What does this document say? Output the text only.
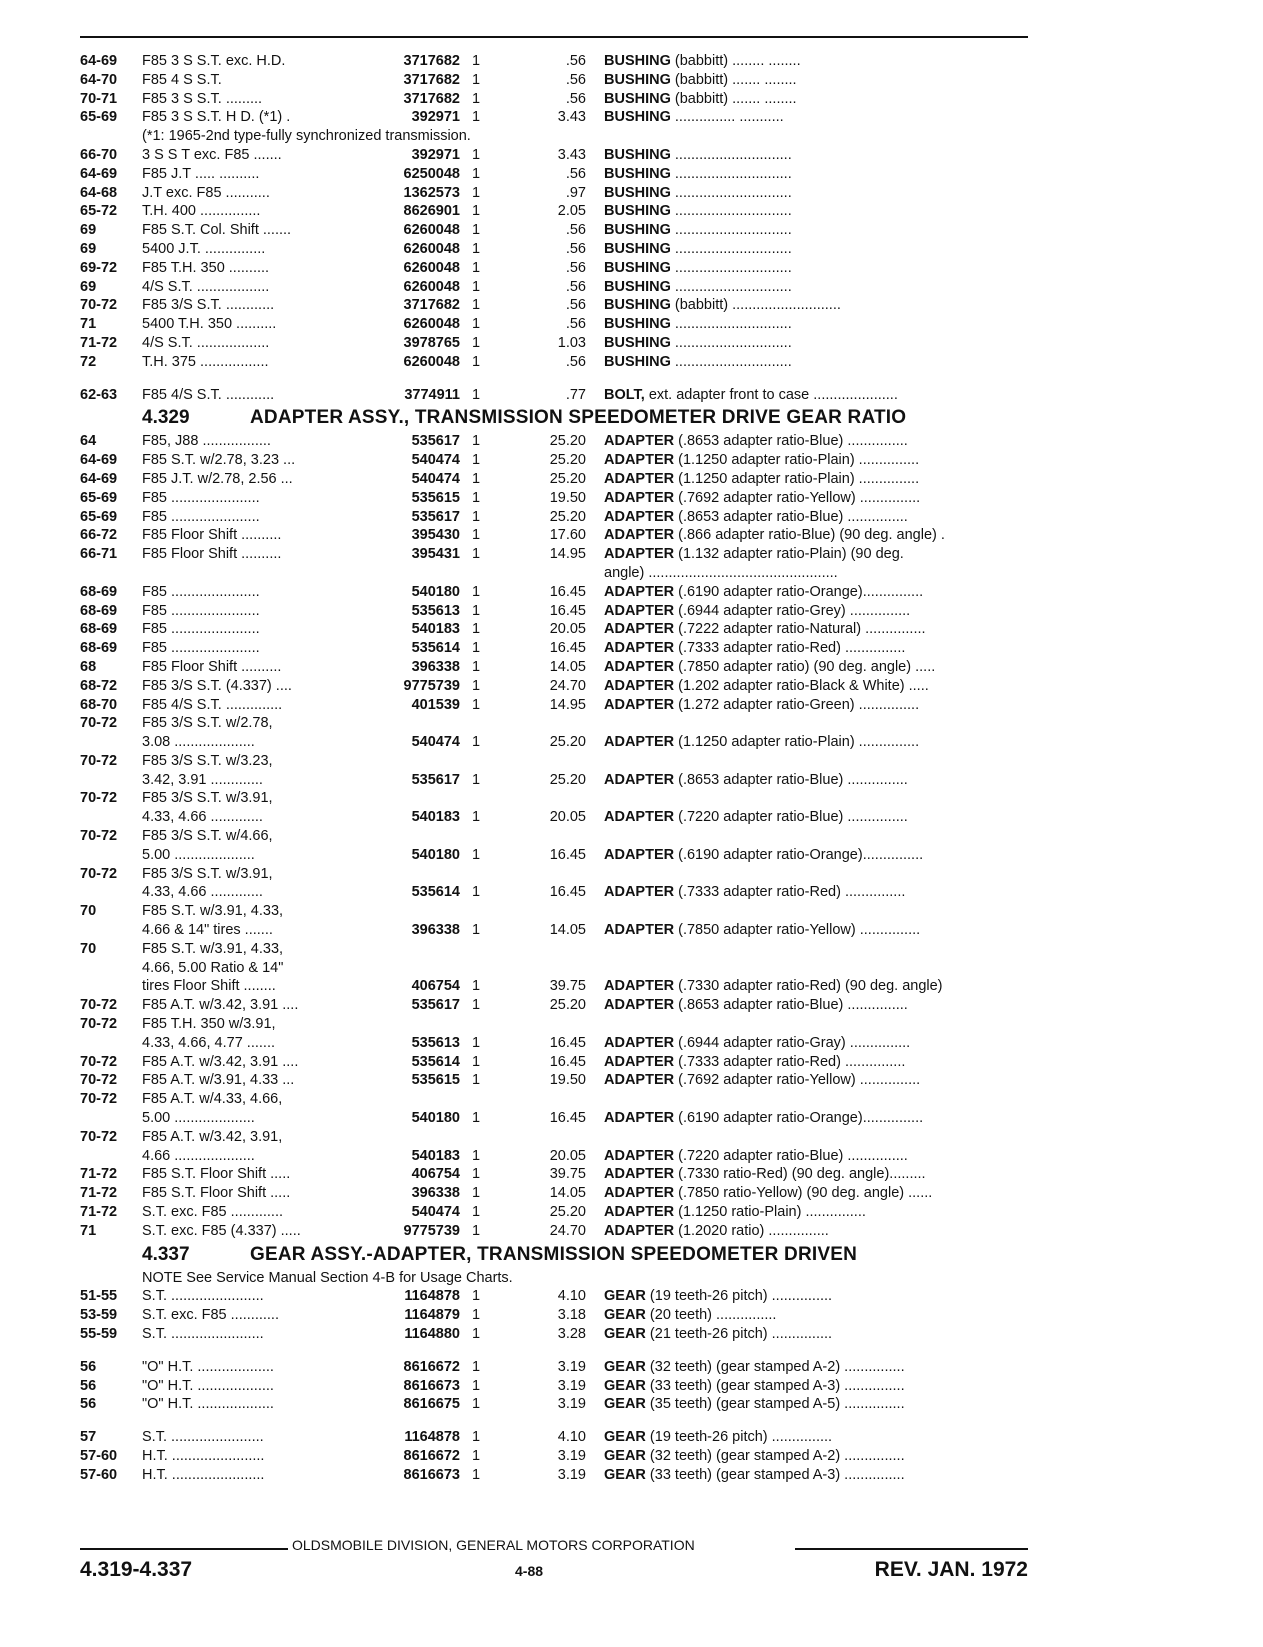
64-69	F85 3 S S.T. exc. H.D.	3717682 1	.56 BUSHING (babbitt) ........ ........
64-70	F85 4 S S.T.	3717682 1	.56 BUSHING (babbitt) ....... ........
70-71	F85 3 S S.T. .........	3717682 1	.56 BUSHING (babbitt) ....... ........
65-69	F85 3 S S.T. H D. (*1) .	392971 1	3.43 BUSHING ............... ...........
(*1: 1965-2nd type-fully synchronized transmission.
66-70	3 S S T exc. F85 .......	392971 1	3.43 BUSHING .............................
64-69	F85 J.T ..... ..........	6250048 1	.56 BUSHING .............................
64-68	J.T exc. F85 ...........	1362573 1	.97 BUSHING .............................
65-72	T.H. 400 ...............	8626901 1	2.05 BUSHING .............................
69	F85 S.T. Col. Shift .......	6260048 1	.56 BUSHING .............................
69	5400 J.T. ...............	6260048 1	.56 BUSHING .............................
69-72	F85 T.H. 350 ..........	6260048 1	.56 BUSHING .............................
69	4/S S.T. ..................	6260048 1	.56 BUSHING .............................
70-72	F85 3/S S.T. ............	3717682 1	.56 BUSHING (babbitt) ...........................
71	5400 T.H. 350 ..........	6260048 1	.56 BUSHING .............................
71-72	4/S S.T. ..................	3978765 1	1.03 BUSHING .............................
72	T.H. 375 .................	6260048 1	.56 BUSHING .............................
62-63	F85 4/S S.T. ............	3774911 1	.77 BOLT, ext. adapter front to case .....................
4.329	ADAPTER ASSY., TRANSMISSION SPEEDOMETER DRIVE GEAR RATIO
64	F85, J88 .................	535617 1	25.20 ADAPTER (.8653 adapter ratio-Blue) ...............
64-69	F85 S.T. w/2.78, 3.23 ...	540474 1	25.20 ADAPTER (1.1250 adapter ratio-Plain) ...............
64-69	F85 J.T. w/2.78, 2.56 ...	540474 1	25.20 ADAPTER (1.1250 adapter ratio-Plain) ...............
65-69	F85 ......................	535615 1	19.50 ADAPTER (.7692 adapter ratio-Yellow) ...............
65-69	F85 ......................	535617 1	25.20 ADAPTER (.8653 adapter ratio-Blue) ...............
66-72	F85 Floor Shift ..........	395430 1	17.60 ADAPTER (.866 adapter ratio-Blue) (90 deg. angle) .
66-71	F85 Floor Shift ..........	395431 1	14.95 ADAPTER (1.132 adapter ratio-Plain) (90 deg.
angle) ...............................................
68-69	F85 ......................	540180 1	16.45 ADAPTER (.6190 adapter ratio-Orange)...............
68-69	F85 ......................	535613 1	16.45 ADAPTER (.6944 adapter ratio-Grey) ...............
68-69	F85 ......................	540183 1	20.05 ADAPTER (.7222 adapter ratio-Natural) ...............
68-69	F85 ......................	535614 1	16.45 ADAPTER (.7333 adapter ratio-Red) ...............
68	F85 Floor Shift ..........	396338 1	14.05 ADAPTER (.7850 adapter ratio) (90 deg. angle) .....
68-72	F85 3/S S.T. (4.337) ....	9775739 1	24.70 ADAPTER (1.202 adapter ratio-Black & White) .....
68-70	F85 4/S S.T. ..............	401539 1	14.95 ADAPTER (1.272 adapter ratio-Green) ...............
70-72	F85 3/S S.T. w/2.78,
3.08 ....................	540474 1	25.20 ADAPTER (1.1250 adapter ratio-Plain) ...............
70-72	F85 3/S S.T. w/3.23,
3.42, 3.91 .............	535617 1	25.20 ADAPTER (.8653 adapter ratio-Blue) ...............
70-72	F85 3/S S.T. w/3.91,
4.33, 4.66 .............	540183 1	20.05 ADAPTER (.7220 adapter ratio-Blue) ...............
70-72	F85 3/S S.T. w/4.66,
5.00 ....................	540180 1	16.45 ADAPTER (.6190 adapter ratio-Orange)...............
70-72	F85 3/S S.T. w/3.91,
4.33, 4.66 .............	535614 1	16.45 ADAPTER (.7333 adapter ratio-Red) ...............
70	F85 S.T. w/3.91, 4.33,
4.66 & 14" tires .......	396338 1	14.05 ADAPTER (.7850 adapter ratio-Yellow) ...............
70	F85 S.T. w/3.91, 4.33,
4.66, 5.00 Ratio & 14"
tires Floor Shift ........	406754 1	39.75 ADAPTER (.7330 adapter ratio-Red) (90 deg. angle)
70-72	F85 A.T. w/3.42, 3.91 ....	535617 1	25.20 ADAPTER (.8653 adapter ratio-Blue) ...............
70-72	F85 T.H. 350 w/3.91,
4.33, 4.66, 4.77 .......	535613 1	16.45 ADAPTER (.6944 adapter ratio-Gray) ...............
70-72	F85 A.T. w/3.42, 3.91 ....	535614 1	16.45 ADAPTER (.7333 adapter ratio-Red) ...............
70-72	F85 A.T. w/3.91, 4.33 ...	535615 1	19.50 ADAPTER (.7692 adapter ratio-Yellow) ...............
70-72	F85 A.T. w/4.33, 4.66,
5.00 ....................	540180 1	16.45 ADAPTER (.6190 adapter ratio-Orange)...............
70-72	F85 A.T. w/3.42, 3.91,
4.66 ....................	540183 1	20.05 ADAPTER (.7220 adapter ratio-Blue) ...............
71-72	F85 S.T. Floor Shift .....	406754 1	39.75 ADAPTER (.7330 ratio-Red) (90 deg. angle).........
71-72	F85 S.T. Floor Shift .....	396338 1	14.05 ADAPTER (.7850 ratio-Yellow) (90 deg. angle) ......
71-72	S.T. exc. F85 .............	540474 1	25.20 ADAPTER (1.1250 ratio-Plain) ...............
71	S.T. exc. F85 (4.337) .....	9775739 1	24.70 ADAPTER (1.2020 ratio) ...............
4.337	GEAR ASSY.-ADAPTER, TRANSMISSION SPEEDOMETER DRIVEN
NOTE See Service Manual Section 4-B for Usage Charts.
51-55	S.T. .......................	1164878 1	4.10 GEAR (19 teeth-26 pitch) ...............
53-59	S.T. exc. F85 ............	1164879 1	3.18 GEAR (20 teeth) ...............
55-59	S.T. .......................	1164880 1	3.28 GEAR (21 teeth-26 pitch) ...............
56	"O" H.T. ...................	8616672 1	3.19 GEAR (32 teeth) (gear stamped A-2) ...............
56	"O" H.T. ...................	8616673 1	3.19 GEAR (33 teeth) (gear stamped A-3) ...............
56	"O" H.T. ...................	8616675 1	3.19 GEAR (35 teeth) (gear stamped A-5) ...............
57	S.T. .......................	1164878 1	4.10 GEAR (19 teeth-26 pitch) ...............
57-60	H.T. .......................	8616672 1	3.19 GEAR (32 teeth) (gear stamped A-2) ...............
57-60	H.T. .......................	8616673 1	3.19 GEAR (33 teeth) (gear stamped A-3) ...............
OLDSMOBILE DIVISION, GENERAL MOTORS CORPORATION
4.319-4.337	4-88	REV. JAN. 1972
